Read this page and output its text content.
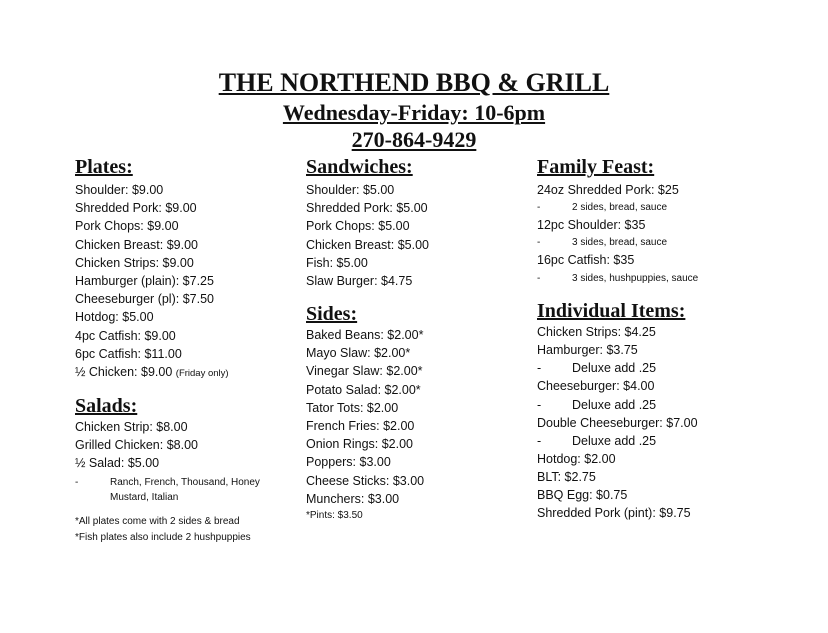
THE NORTHEND BBQ & GRILL
Wednesday-Friday: 10-6pm
270-864-9429
Plates:
Shoulder: $9.00
Shredded Pork: $9.00
Pork Chops: $9.00
Chicken Breast: $9.00
Chicken Strips: $9.00
Hamburger (plain): $7.25
Cheeseburger (pl): $7.50
Hotdog: $5.00
4pc Catfish: $9.00
6pc Catfish: $11.00
½ Chicken: $9.00 (Friday only)
Salads:
Chicken Strip: $8.00
Grilled Chicken: $8.00
½ Salad: $5.00
-	Ranch, French, Thousand, Honey
Mustard, Italian
*All plates come with 2 sides & bread
*Fish plates also include 2 hushpuppies
Sandwiches:
Shoulder: $5.00
Shredded Pork: $5.00
Pork Chops: $5.00
Chicken Breast: $5.00
Fish: $5.00
Slaw Burger: $4.75
Sides:
Baked Beans: $2.00*
Mayo Slaw: $2.00*
Vinegar Slaw: $2.00*
Potato Salad: $2.00*
Tator Tots: $2.00
French Fries: $2.00
Onion Rings: $2.00
Poppers: $3.00
Cheese Sticks: $3.00
Munchers: $3.00
*Pints: $3.50
Family Feast:
24oz Shredded Pork: $25
-	2 sides, bread, sauce
12pc Shoulder: $35
-	3 sides, bread, sauce
16pc Catfish: $35
-	3 sides, hushpuppies, sauce
Individual Items:
Chicken Strips: $4.25
Hamburger: $3.75
- Deluxe add .25
Cheeseburger: $4.00
- Deluxe add .25
Double Cheeseburger: $7.00
- Deluxe add .25
Hotdog: $2.00
BLT: $2.75
BBQ Egg: $0.75
Shredded Pork (pint): $9.75
